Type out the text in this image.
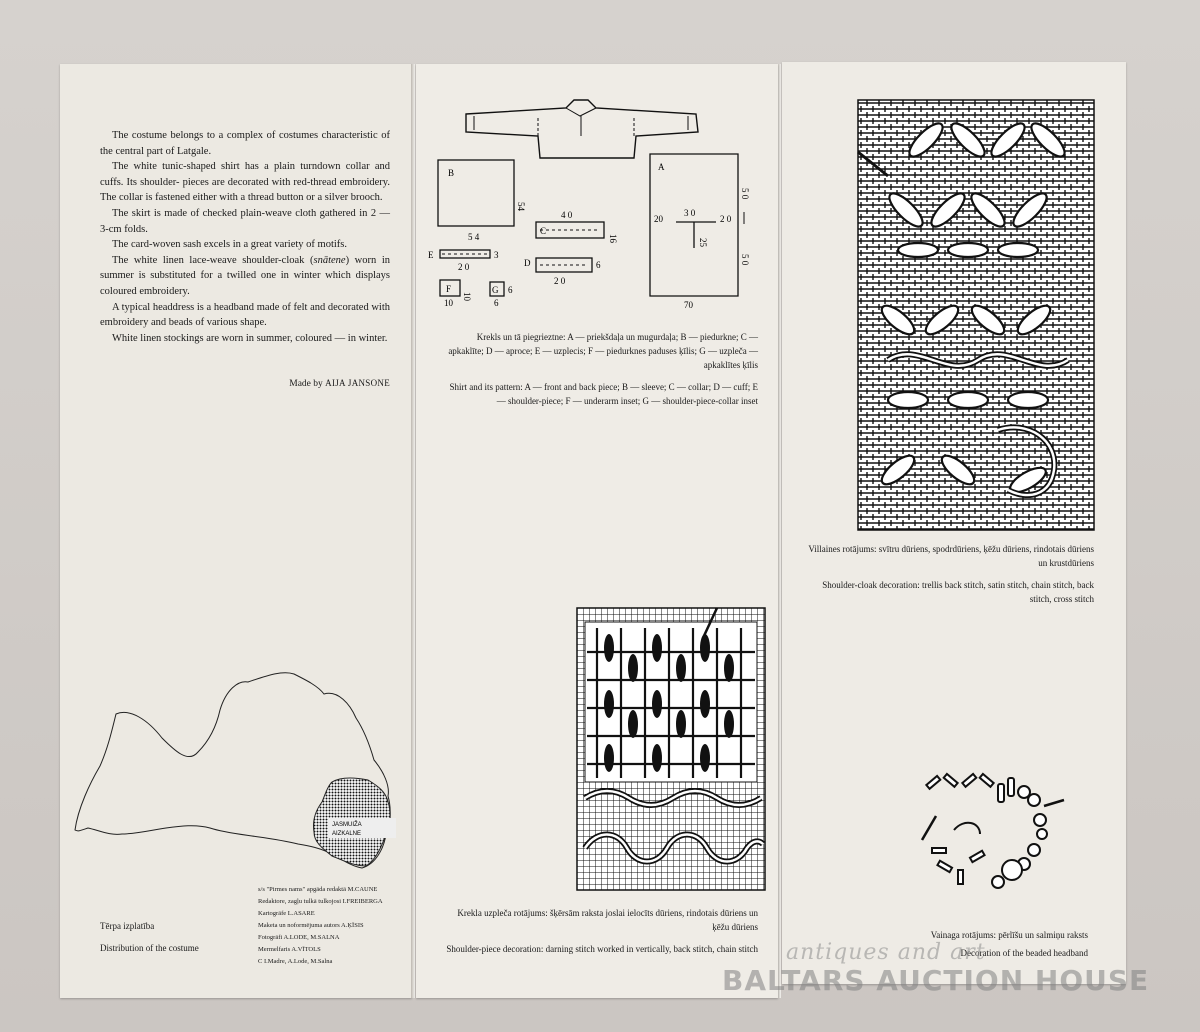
The costume belongs to a complex of costumes characteristic of the central part of Latgale.

The white tunic-shaped shirt has a plain turndown collar and cuffs. Its shoulder- pieces are decorated with red-thread embroidery. The collar is fastened either with a thread button or a silver brooch.

The skirt is made of checked plain-weave cloth gathered in 2 — 3-cm folds.

The card-woven sash excels in a great variety of motifs.

The white linen lace-weave shoulder-cloak (snātene) worn in summer is substituted for a twilled one in winter which displays coloured embroidery.

A typical headdress is a headband made of felt and decorated with embroidery and beads of various shape.

White linen stockings are worn in summer, coloured — in winter.

Made by AIJA JANSONE
JASMUIŽA
AIZKALNE
Tērpa izplatība
Distribution of the costume
s/s "Pirmes nams" apgāda redaktā M.CAUNE
Redaktore, zagļu tulkā tulkojosi I.FREIBERGA
Kartogrāfe L.ASARE
Maketa un noformējuma autors A.ĶĪSIS
Fotogrāfi A.LODE, M.SALNA
Mermelfaris A.VĪTOLS
C I.Madre, A.Lode, M.Salna
B
54
5 4
C
4 0
16
E
2 0
3
D	6
2 0
F
10
10
G 6
6
A
20
3 0
2 0
25
5 0
5 0
70

Krekls un tā piegrieztne: A — priekšdaļa un mugurdaļa; B — piedurkne; C — apkaklīte; D — aproce; E — uzplecis; F — piedurknes paduses ķīlis; G — uzpleča —apkaklītes ķīlis

Shirt and its pattern: A — front and back piece; B — sleeve; C — collar; D — cuff; E — shoulder-piece; F — underarm inset; G — shoulder-piece-collar inset

Krekla uzpleča rotājums: šķērsām raksta joslai ielocīts dūriens, rindotais dūriens un ķēžu dūriens

Shoulder-piece decoration: darning stitch worked in vertically, back stitch, chain stitch

Villaines rotājums: svītru dūriens, spodrdūriens, ķēžu dūriens, rindotais dūriens un krustdūriens

Shoulder-cloak decoration: trellis back stitch, satin stitch, chain stitch, back stitch, cross stitch

Vainaga rotājums: pērlīšu un salmiņu raksts

Decoration of the beaded headband

antiques and art
BALTARS AUCTION HOUSE
